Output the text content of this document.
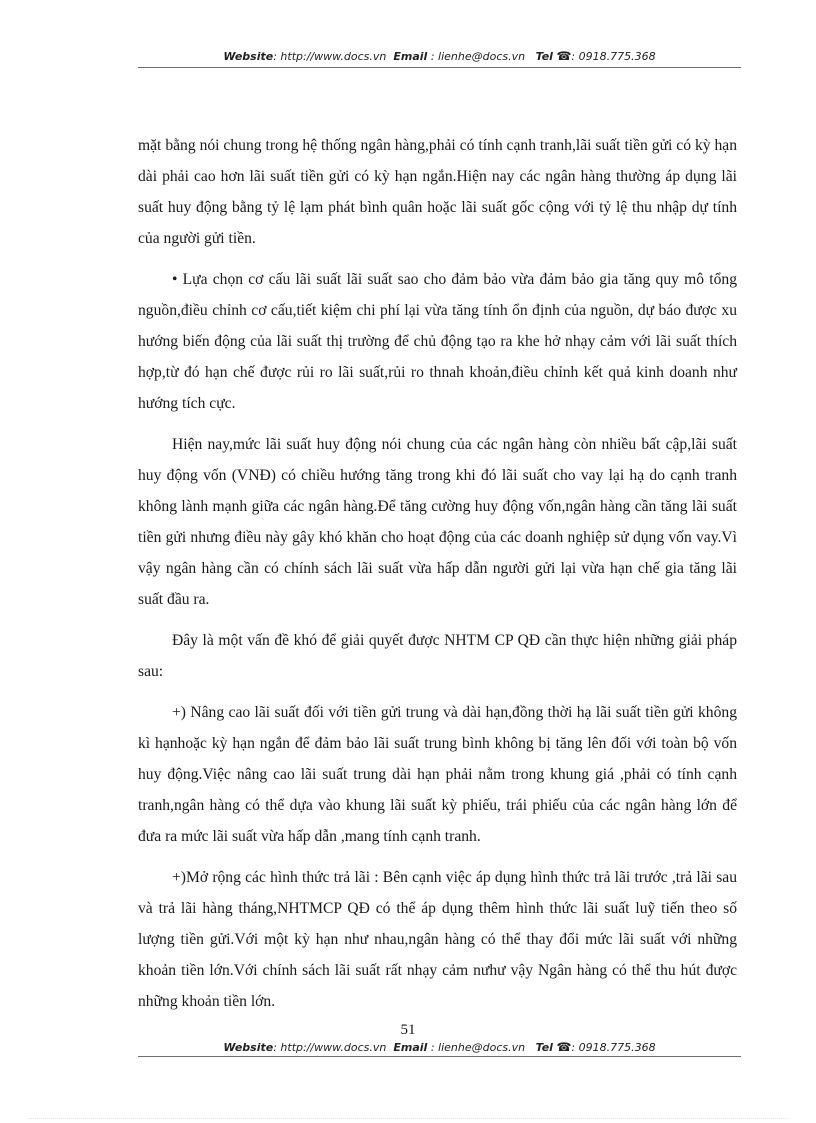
Website: http://www.docs.vn Email : lienhe@docs.vn Tel ☎: 0918.775.368

mặt bằng nói chung trong hệ thống ngân hàng,phải có tính cạnh tranh,lãi suất tiền gửi có kỳ hạn dài phải cao hơn lãi suất tiền gửi có kỳ hạn ngắn.Hiện nay các ngân hàng thường áp dụng lãi suất huy động bằng tỷ lệ lạm phát bình quân hoặc lãi suất gốc cộng với tỷ lệ thu nhập dự tính của người gửi tiền.

• Lựa chọn cơ cấu lãi suất lãi suất sao cho đảm bảo vừa đảm bảo gia tăng quy mô tổng nguồn,điều chỉnh cơ cấu,tiết kiệm chi phí lại vừa tăng tính ổn định của nguồn, dự báo được xu hướng biến động của lãi suất thị trường để chủ động tạo ra khe hở nhạy cảm với lãi suất thích hợp,từ đó hạn chế được rủi ro lãi suất,rủi ro thnah khoản,điều chỉnh kết quả kinh doanh như hướng tích cực.

Hiện nay,mức lãi suất huy động nói chung của các ngân hàng còn nhiều bất cập,lãi suất huy động vốn (VNĐ) có chiều hướng tăng trong khi đó lãi suất cho vay lại hạ do cạnh tranh không lành mạnh giữa các ngân hàng.Để tăng cường huy động vốn,ngân hàng cần tăng lãi suất tiền gửi nhưng điều này gây khó khăn cho hoạt động của các doanh nghiệp sử dụng vốn vay.Vì vậy ngân hàng cần có chính sách lãi suất vừa hấp dẫn người gửi lại vừa hạn chế gia tăng lãi suất đầu ra.

Đây là một vấn đề khó để giải quyết được NHTM CP QĐ cần thực hiện những giải pháp sau:

+) Nâng cao lãi suất đối với tiền gửi trung và dài hạn,đồng thời hạ lãi suất tiền gửi không kì hạnhoặc kỳ hạn ngắn để đảm bảo lãi suất trung bình không bị tăng lên đối với toàn bộ vốn huy động.Việc nâng cao lãi suất trung dài hạn phải nằm trong khung giá ,phải có tính cạnh tranh,ngân hàng có thể dựa vào khung lãi suất kỳ phiếu, trái phiếu của các ngân hàng lớn để đưa ra mức lãi suất vừa hấp dẫn ,mang tính cạnh tranh.

+)Mở rộng các hình thức trả lãi : Bên cạnh việc áp dụng hình thức trả lãi trước ,trả lãi sau và trả lãi hàng tháng,NHTMCP QĐ có thể áp dụng thêm hình thức lãi suất luỹ tiến theo số lượng tiền gửi.Với một kỳ hạn như nhau,ngân hàng có thể thay đổi mức lãi suất với những khoản tiền lớn.Với chính sách lãi suất rất nhạy cảm nưhư vậy Ngân hàng có thể thu hút được những khoản tiền lớn.

51
Website: http://www.docs.vn Email : lienhe@docs.vn Tel ☎: 0918.775.368
